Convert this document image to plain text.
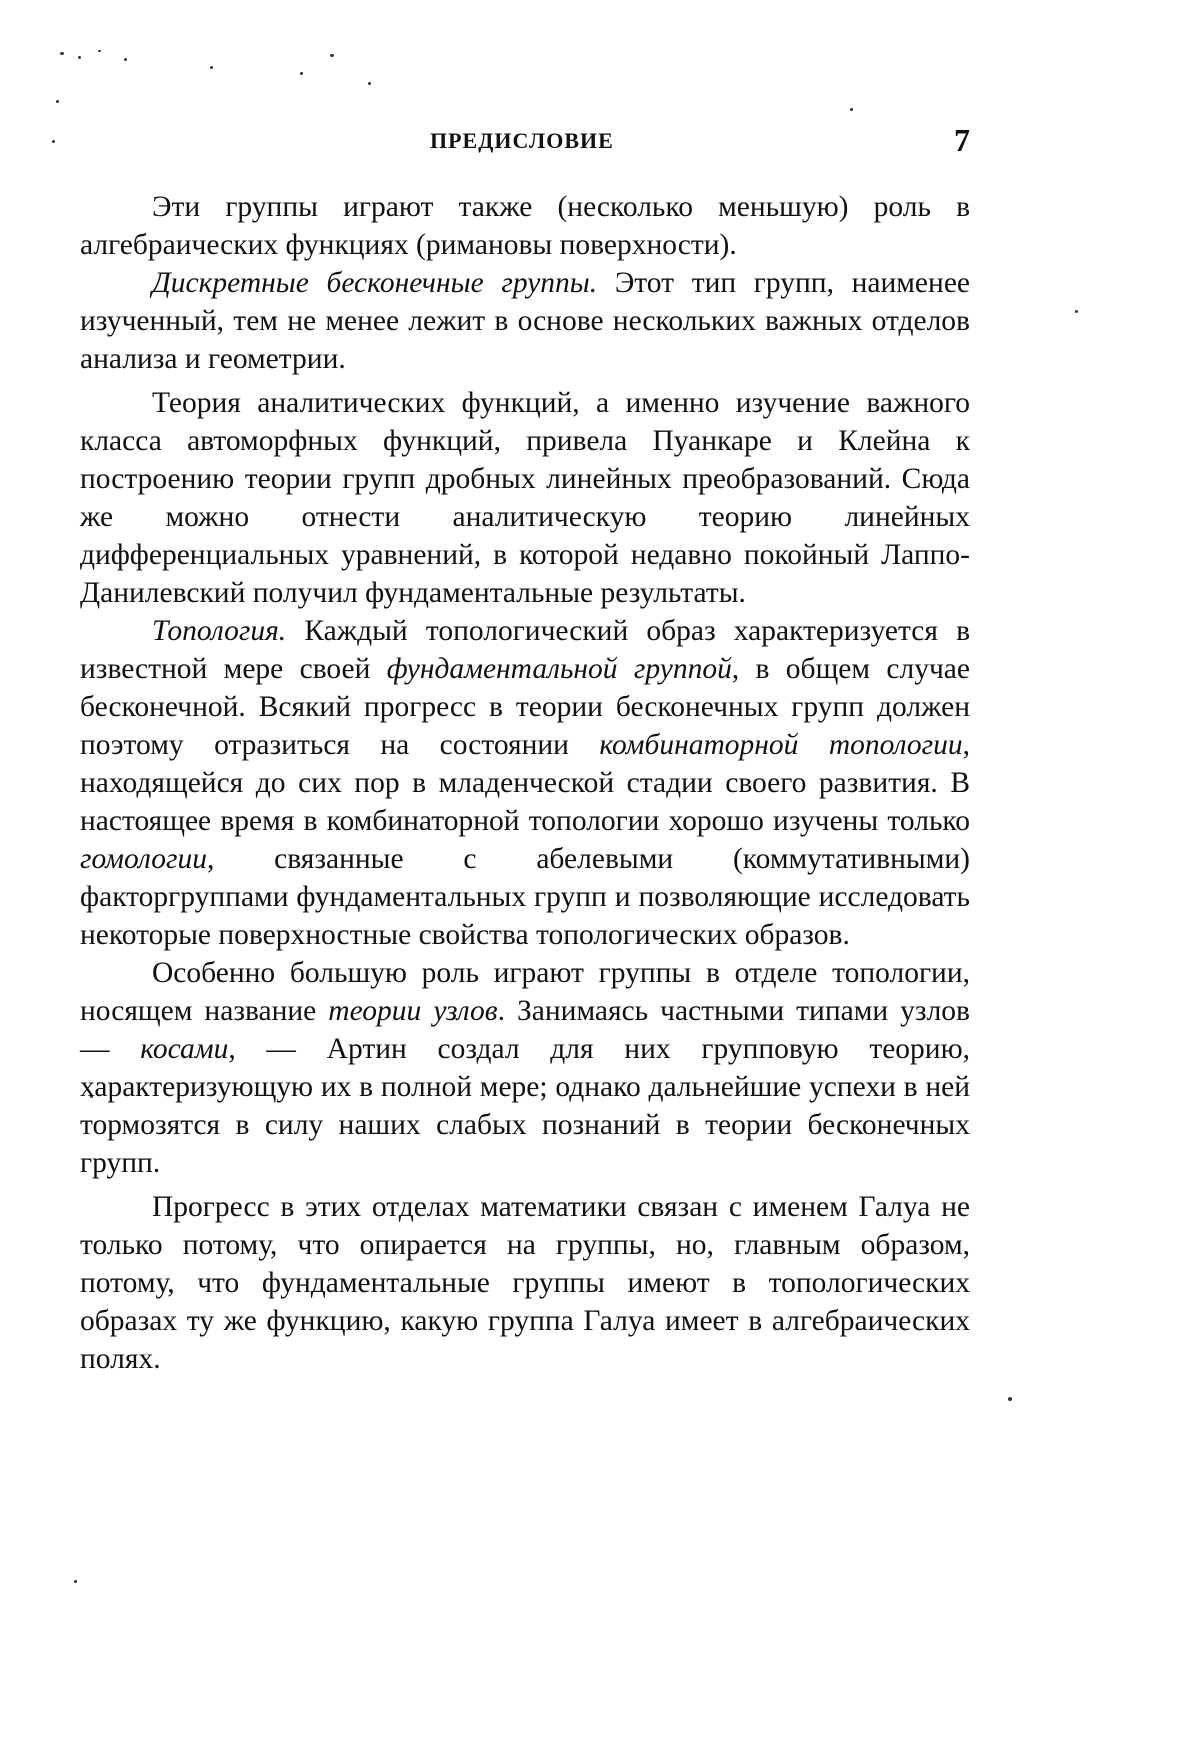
ПРЕДИСЛОВИЕ	7

Эти группы играют также (несколько меньшую) роль в алгебраических функциях (римановы поверхности).

Дискретные бесконечные группы. Этот тип групп, наименее изученный, тем не менее лежит в основе нескольких важных отделов анализа и геометрии.

Теория аналитических функций, а именно изучение важного класса автоморфных функций, привела Пуанкаре и Клейна к построению теории групп дробных линейных преобразований. Сюда же можно отнести аналитическую теорию линейных дифференциальных уравнений, в которой недавно покойный Лаппо-Данилевский получил фундаментальные результаты.

Топология. Каждый топологический образ характеризуется в известной мере своей фундаментальной группой, в общем случае бесконечной. Всякий прогресс в теории бесконечных групп должен поэтому отразиться на состоянии комбинаторной топологии, находящейся до сих пор в младенческой стадии своего развития. В настоящее время в комбинаторной топологии хорошо изучены только гомологии, связанные с абелевыми (коммутативными) факторгруппами фундаментальных групп и позволяющие исследовать некоторые поверхностные свойства топологических образов.

Особенно большую роль играют группы в отделе топологии, носящем название теории узлов. Занимаясь частными типами узлов — косами, — Артин создал для них групповую теорию, характеризующую их в полной мере; однако дальнейшие успехи в ней тормозятся в силу наших слабых познаний в теории бесконечных групп.

Прогресс в этих отделах математики связан с именем Галуа не только потому, что опирается на группы, но, главным образом, потому, что фундаментальные группы имеют в топологических образах ту же функцию, какую группа Галуа имеет в алгебраических полях.
